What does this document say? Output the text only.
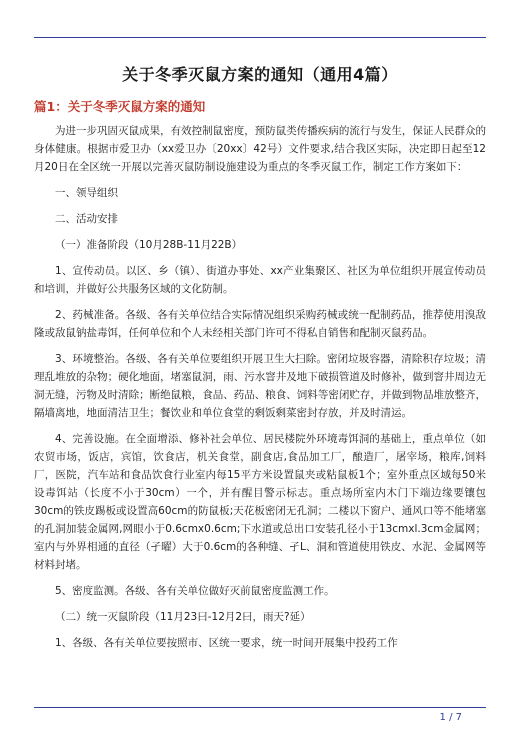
关于冬季灭鼠方案的通知（通用4篇）
篇1：关于冬季灭鼠方案的通知

为进一步巩固灭鼠成果，有效控制鼠密度，预防鼠类传播疾病的流行与发生，保证人民群众的身体健康。根据市爱卫办（xx爱卫办〔20xx〕42号）文件要求,结合我区实际，决定即日起至12月20日在全区统一开展以完善灭鼠防制设施建设为重点的冬季灭鼠工作，制定工作方案如下：

一、领导组织

二、活动安排

（一）准备阶段（10月28B-11月22B）

1、宣传动员。以区、乡（镇）、街道办事处、xx产业集聚区、社区为单位组织开展宣传动员和培训，并做好公共服务区域的文化防制。

2、药械准备。各级、各有关单位结合实际情况组织采购药械或统一配制药品，推荐使用溴敌隆或敌鼠钠盐毒饵，任何单位和个人未经相关部门许可不得私自销售和配制灭鼠药品。

3、环境整治。各级、各有关单位要组织开展卫生大扫除。密闭垃圾容器，清除积存垃圾；清理乱堆放的杂物；硬化地面，堵塞鼠洞，雨、污水窨井及地下破损管道及时修补，做到窨井周边无洞无缝，污物及时清除；断绝鼠粮，食品、药品、粮食、饲料等密闭贮存，并做到物品堆放整齐，隔墙离地，地面清洁卫生；餐饮业和单位食堂的剩饭剩菜密封存放，并及时清运。

4、完善设施。在全面增添、修补社会单位、居民楼院外环境毒饵洞的基础上，重点单位（如农贸市场，饭店，宾馆，饮食店，机关食堂，副食店,食品加工厂，酿造厂，屠宰场，粮库,饲料厂，医院，汽车站和食品饮食行业室内每15平方米设置鼠夹或粘鼠板1个；室外重点区域每50米设毒饵站（长度不小于30cm）一个，并有醒目警示标志。重点场所室内木门下端边缘要镶包30cm的铁皮踢板或设置高60cm的防鼠板;天花板密闭无孔洞；二楼以下窗户、通风口等不能堵塞的孔洞加装金属网,网眼小于0.6cmx0.6cm;下水道或总出口安装孔径小于13cmxl.3cm金属网；室内与外界相通的直径（孑曜）大于0.6cm的各种缝、孑L、洞和管道使用铁皮、水泥、金属网等材料封堵。

5、密度监测。各级、各有关单位做好灭前鼠密度监测工作。

（二）统一灭鼠阶段（11月23曰-12月2曰，雨天?延）

1、各级、各有关单位要按照市、区统一要求，统一时间开展集中投药工作

1 / 7
